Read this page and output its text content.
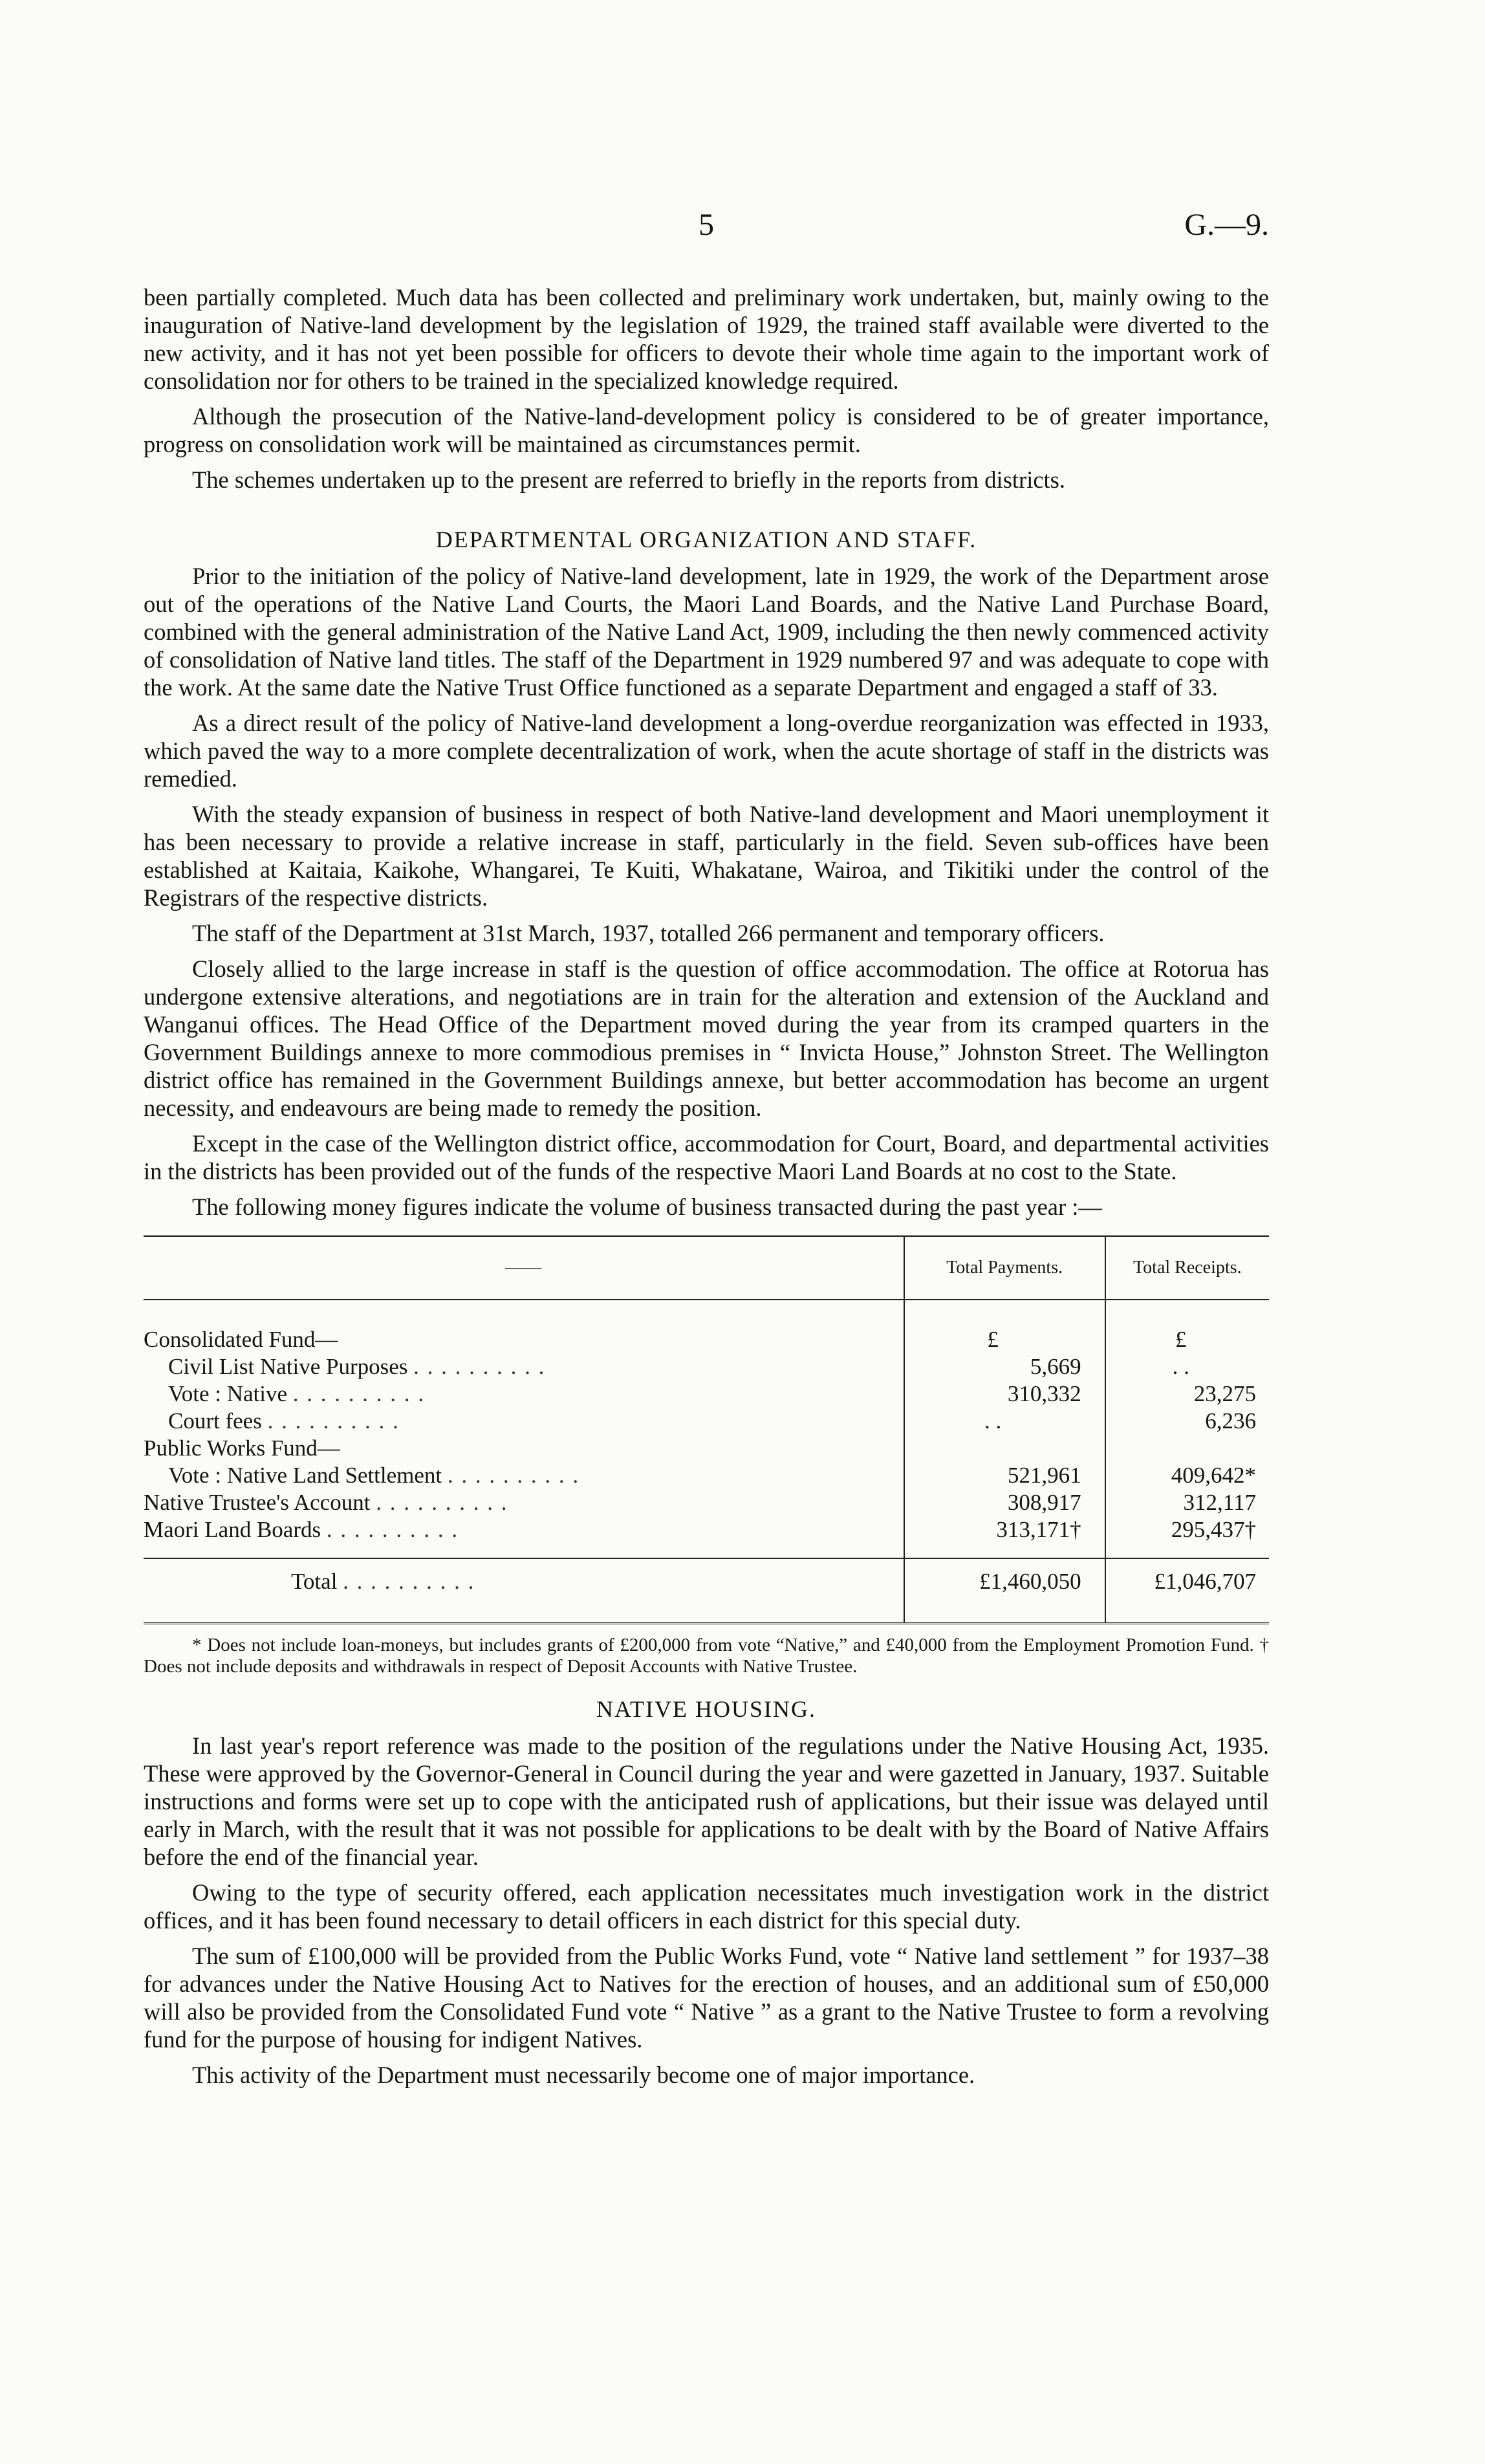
5	G.—9.

been partially completed. Much data has been collected and preliminary work undertaken, but, mainly owing to the inauguration of Native-land development by the legislation of 1929, the trained staff available were diverted to the new activity, and it has not yet been possible for officers to devote their whole time again to the important work of consolidation nor for others to be trained in the specialized knowledge required.

Although the prosecution of the Native-land-development policy is considered to be of greater importance, progress on consolidation work will be maintained as circumstances permit.

The schemes undertaken up to the present are referred to briefly in the reports from districts.

DEPARTMENTAL ORGANIZATION AND STAFF.

Prior to the initiation of the policy of Native-land development, late in 1929, the work of the Department arose out of the operations of the Native Land Courts, the Maori Land Boards, and the Native Land Purchase Board, combined with the general administration of the Native Land Act, 1909, including the then newly commenced activity of consolidation of Native land titles. The staff of the Department in 1929 numbered 97 and was adequate to cope with the work. At the same date the Native Trust Office functioned as a separate Department and engaged a staff of 33.

As a direct result of the policy of Native-land development a long-overdue reorganization was effected in 1933, which paved the way to a more complete decentralization of work, when the acute shortage of staff in the districts was remedied.

With the steady expansion of business in respect of both Native-land development and Maori unemployment it has been necessary to provide a relative increase in staff, particularly in the field. Seven sub-offices have been established at Kaitaia, Kaikohe, Whangarei, Te Kuiti, Whakatane, Wairoa, and Tikitiki under the control of the Registrars of the respective districts.

The staff of the Department at 31st March, 1937, totalled 266 permanent and temporary officers.

Closely allied to the large increase in staff is the question of office accommodation. The office at Rotorua has undergone extensive alterations, and negotiations are in train for the alteration and extension of the Auckland and Wanganui offices. The Head Office of the Department moved during the year from its cramped quarters in the Government Buildings annexe to more commodious premises in “ Invicta House,” Johnston Street. The Wellington district office has remained in the Government Buildings annexe, but better accommodation has become an urgent necessity, and endeavours are being made to remedy the position.

Except in the case of the Wellington district office, accommodation for Court, Board, and departmental activities in the districts has been provided out of the funds of the respective Maori Land Boards at no cost to the State.

The following money figures indicate the volume of business transacted during the past year :—

——	Total Payments.	Total Receipts.

Consolidated Fund—	£	£
Civil List Native Purposes . . . . . . . . . .	5,669	. .
Vote : Native . . . . . . . . . .	310,332	23,275
Court fees . . . . . . . . . .	. .	6,236
Public Works Fund—		
Vote : Native Land Settlement . . . . . . . . . .	521,961	409,642*
Native Trustee's Account . . . . . . . . . .	308,917	312,117
Maori Land Boards . . . . . . . . . .	313,171†	295,437†

Total . . . . . . . . . .	£1,460,050	£1,046,707

* Does not include loan-moneys, but includes grants of £200,000 from vote “Native,” and £40,000 from the Employment Promotion Fund. † Does not include deposits and withdrawals in respect of Deposit Accounts with Native Trustee.
NATIVE HOUSING.

In last year's report reference was made to the position of the regulations under the Native Housing Act, 1935. These were approved by the Governor-General in Council during the year and were gazetted in January, 1937. Suitable instructions and forms were set up to cope with the anticipated rush of applications, but their issue was delayed until early in March, with the result that it was not possible for applications to be dealt with by the Board of Native Affairs before the end of the financial year.

Owing to the type of security offered, each application necessitates much investigation work in the district offices, and it has been found necessary to detail officers in each district for this special duty.

The sum of £100,000 will be provided from the Public Works Fund, vote “ Native land settlement ” for 1937–38 for advances under the Native Housing Act to Natives for the erection of houses, and an additional sum of £50,000 will also be provided from the Consolidated Fund vote “ Native ” as a grant to the Native Trustee to form a revolving fund for the purpose of housing for indigent Natives.

This activity of the Department must necessarily become one of major importance.
